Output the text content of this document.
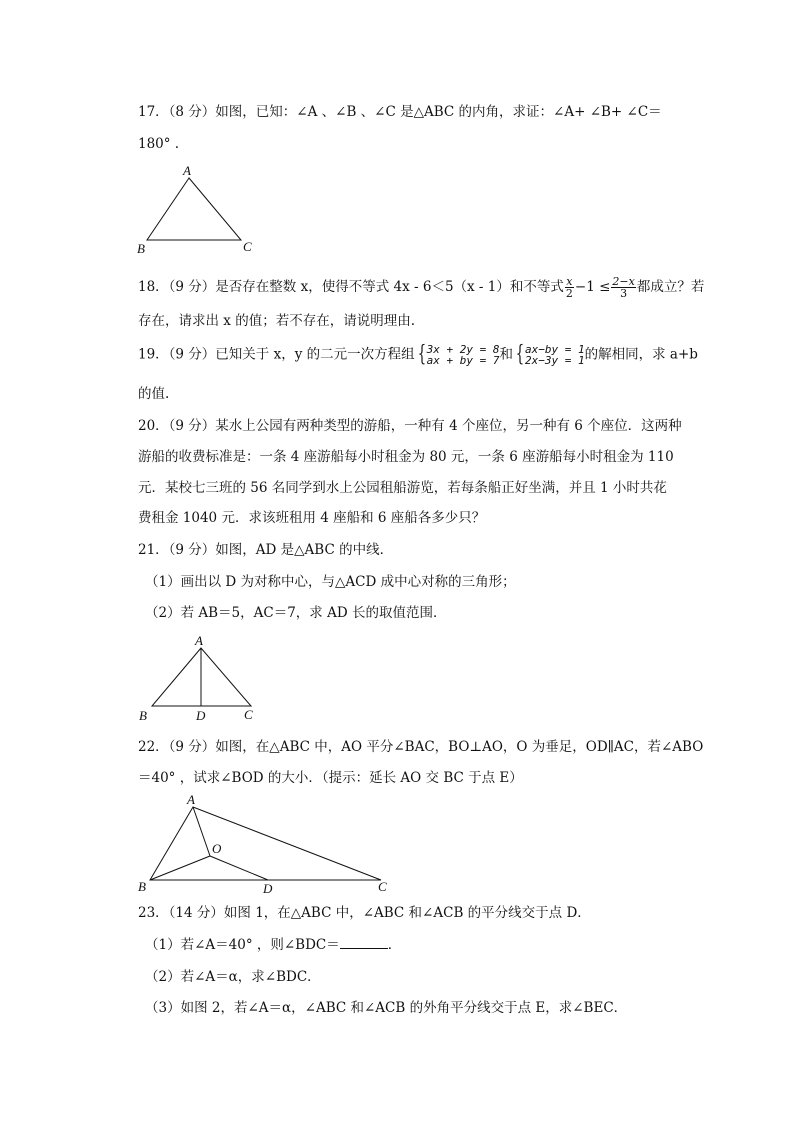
17．（8 分）如图，已知：∠A 、∠B 、∠C 是△ABC 的内角，求证：∠A+ ∠B+ ∠C＝
180° .
A
B	C
18．（9 分）是否存在整数 x，使得不等式 4x - 6＜5（x - 1）和不等式 $\frac{x}{2} -1 \le \frac{2-x}{3}$ 都成立？若
存在，请求出 x 的值；若不存在，请说明理由.
19．（9 分）已知关于 x，y 的二元一次方程组 { 3x + 2y = 8
ax + by = 7 和 { ax−by = 1
2x−3y = 1 的解相同，求 a+b
的值.
20．（9 分）某水上公园有两种类型的游船，一种有 4 个座位，另一种有 6 个座位．这两种
游船的收费标准是：一条 4 座游船每小时租金为 80 元，一条 6 座游船每小时租金为 110
元．某校七三班的 56 名同学到水上公园租船游览，若每条船正好坐满，并且 1 小时共花
费租金 1040 元．求该班租用 4 座船和 6 座船各多少只？
21．（9 分）如图，AD 是△ABC 的中线．
（1）画出以 D 为对称中心，与△ACD 成中心对称的三角形；
（2）若 AB＝5，AC＝7，求 AD 长的取值范围．
A
B	C
D
22．（9 分）如图，在△ABC 中，AO 平分∠BAC，BO⊥AO，O 为垂足，OD∥AC，若∠ABO
＝40° ，试求∠BOD 的大小．（提示：延长 AO 交 BC 于点 E）
A
B	C
D
O
23．（14 分）如图 1，在△ABC 中，∠ABC 和∠ACB 的平分线交于点 D．
（1）若∠A＝40° ，则∠BDC＝	．
（2）若∠A＝α，求∠BDC．
（3）如图 2，若∠A＝α，∠ABC 和∠ACB 的外角平分线交于点 E，求∠BEC．
